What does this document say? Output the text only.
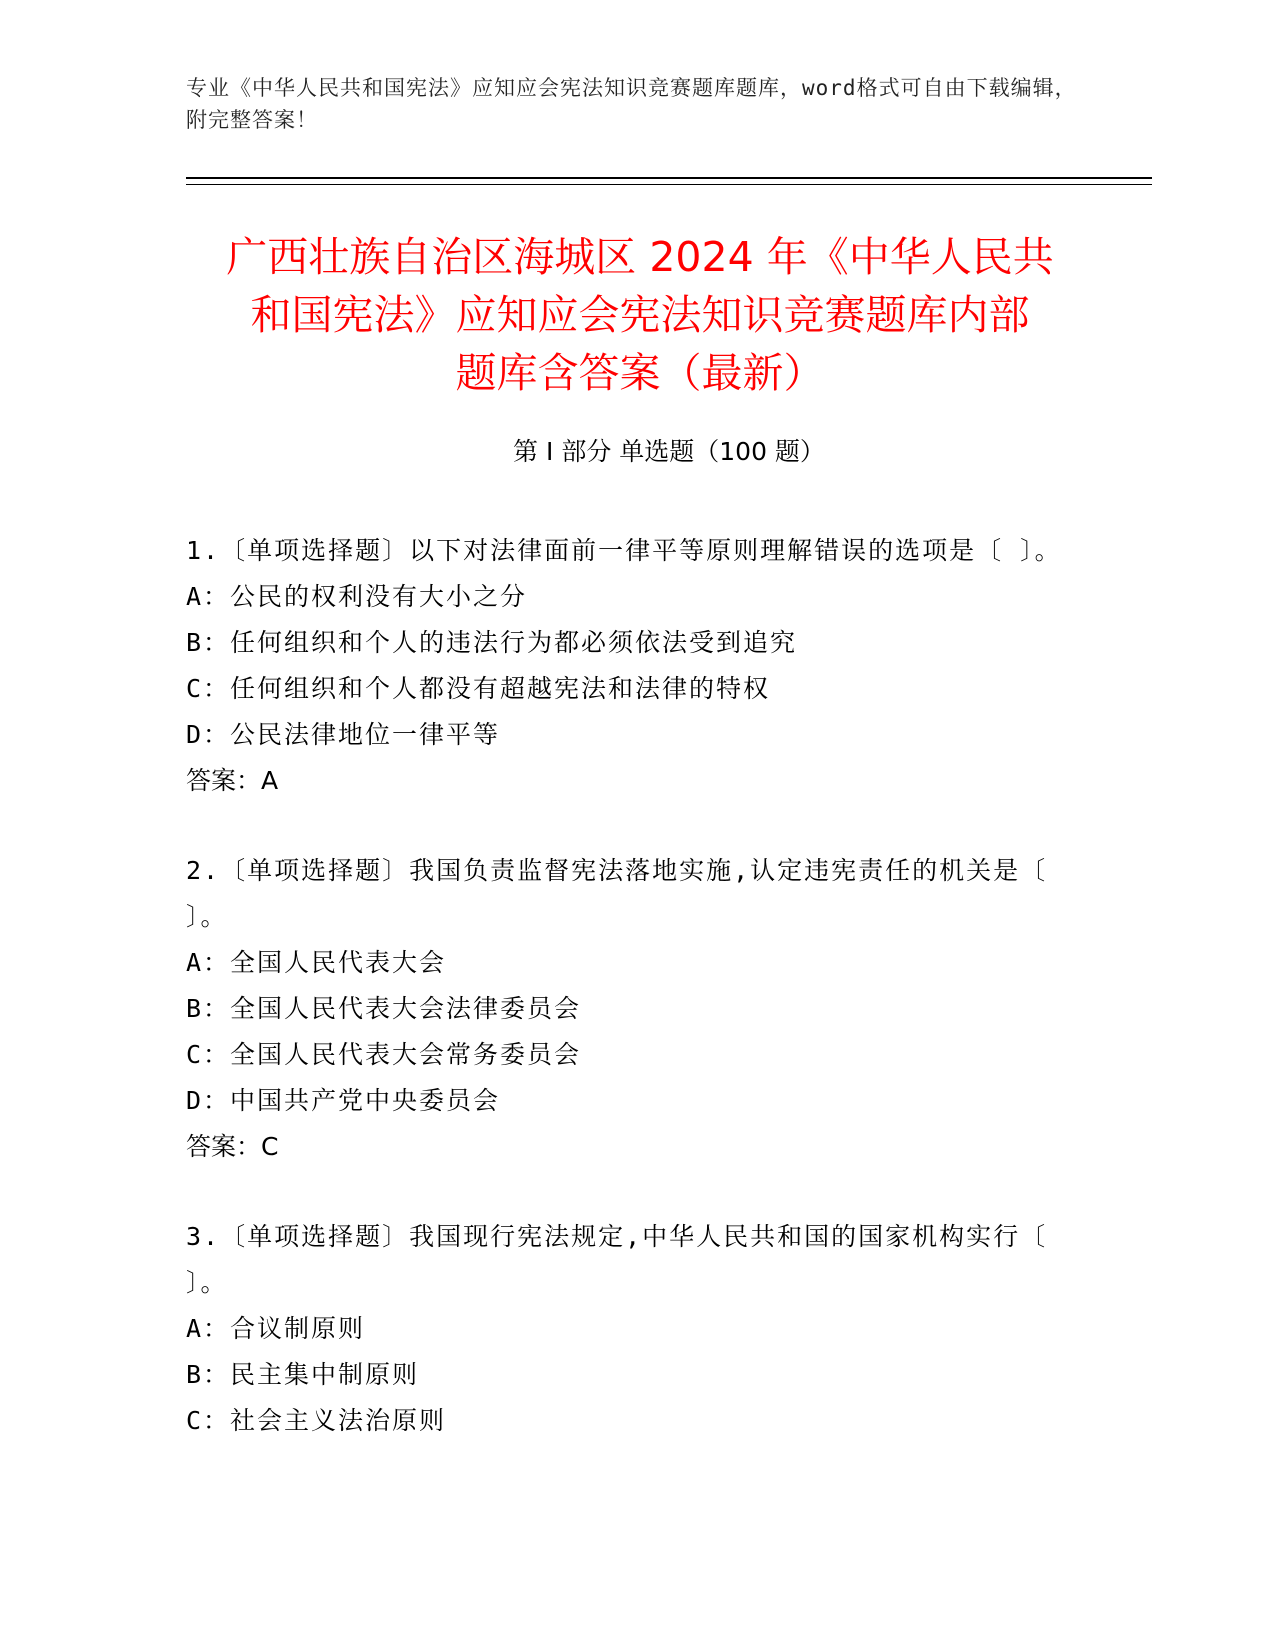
专业《中华人民共和国宪法》应知应会宪法知识竞赛题库题库，word格式可自由下载编辑，附完整答案！
广西壮族自治区海城区 2024 年《中华人民共
和国宪法》应知应会宪法知识竞赛题库内部
题库含答案（最新）
第 I 部分 单选题（100 题）

1.〔单项选择题〕以下对法律面前一律平等原则理解错误的选项是〔 〕。

A：公民的权利没有大小之分

B：任何组织和个人的违法行为都必须依法受到追究

C：任何组织和个人都没有超越宪法和法律的特权

D：公民法律地位一律平等

答案：A

2.〔单项选择题〕我国负责监督宪法落地实施,认定违宪责任的机关是〔 〕。

A：全国人民代表大会

B：全国人民代表大会法律委员会

C：全国人民代表大会常务委员会

D：中国共产党中央委员会

答案：C

3.〔单项选择题〕我国现行宪法规定,中华人民共和国的国家机构实行〔 〕。

A：合议制原则

B：民主集中制原则

C：社会主义法治原则
